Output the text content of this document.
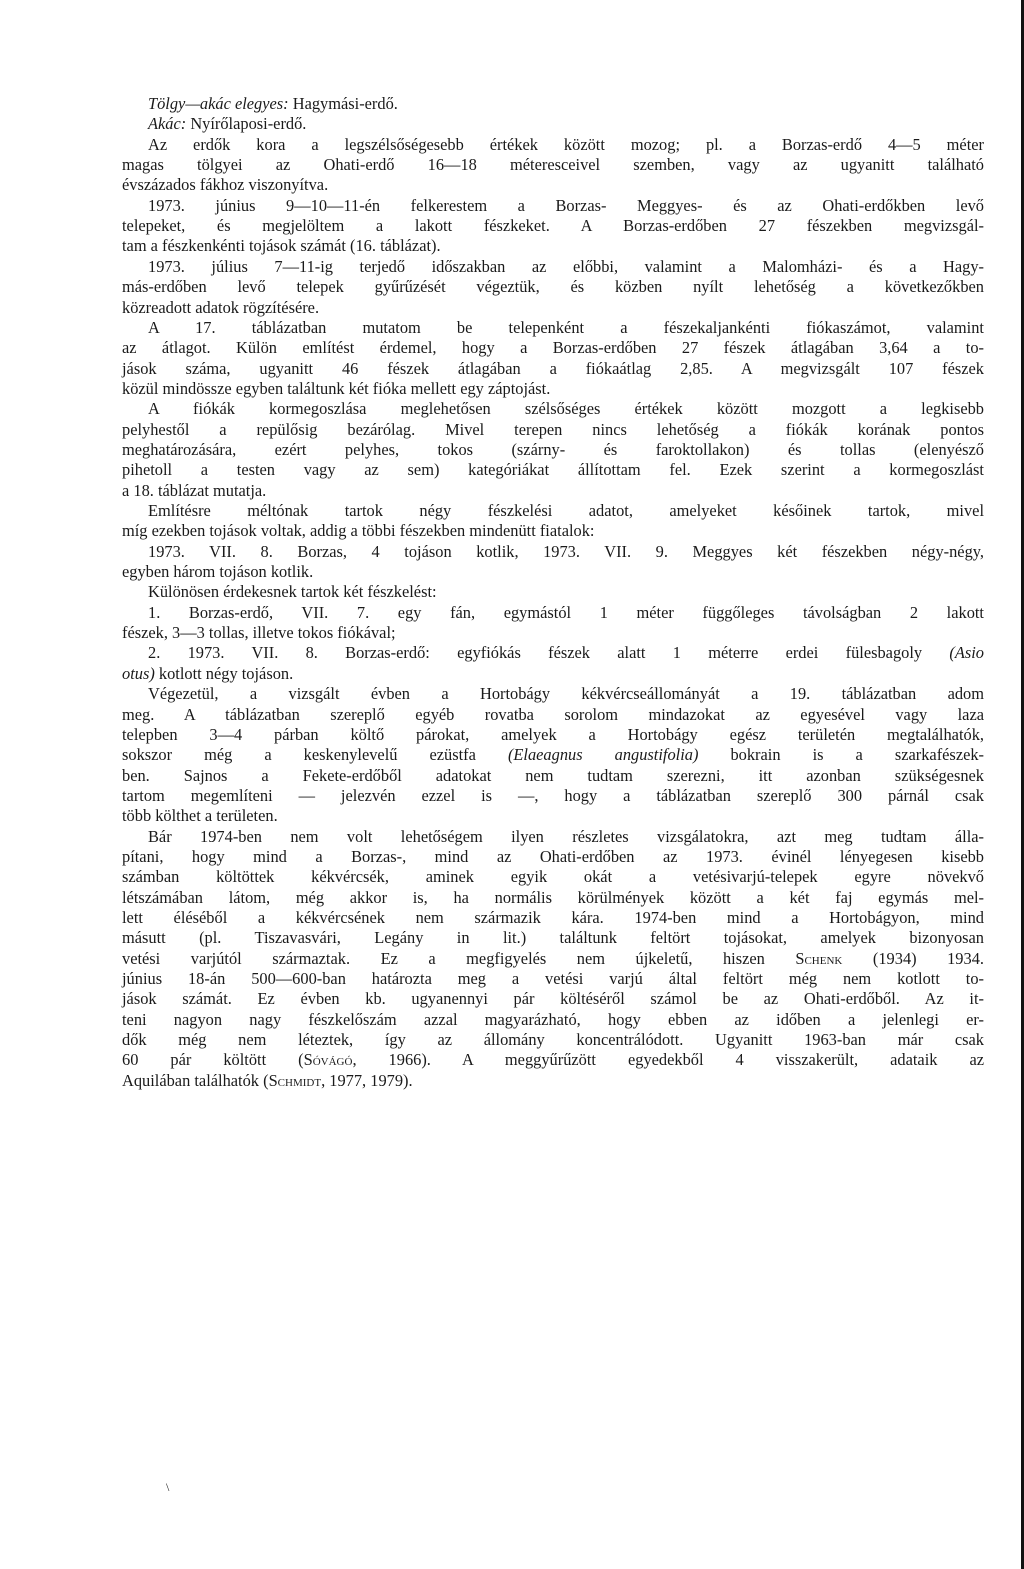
Tölgy—akác elegyes: Hagymási-erdő.
Akác: Nyírőlaposi-erdő.
Az erdők kora a legszélsőségesebb értékek között mozog; pl. a Borzas-erdő 4—5 méter
magas tölgyei az Ohati-erdő 16—18 méteresceivel szemben, vagy az ugyanitt található
évszázados fákhoz viszonyítva.
1973. június 9—10—11-én felkerestem a Borzas- Meggyes- és az Ohati-erdőkben levő
telepeket, és megjelöltem a lakott fészkeket. A Borzas-erdőben 27 fészekben megvizsgál-
tam a fészkenkénti tojások számát (16. táblázat).
1973. július 7—11-ig terjedő időszakban az előbbi, valamint a Malomházi- és a Hagy-
más-erdőben levő telepek gyűrűzését végeztük, és közben nyílt lehetőség a következőkben
közreadott adatok rögzítésére.
A 17. táblázatban mutatom be telepenként a fészekaljankénti fiókaszámot, valamint
az átlagot. Külön említést érdemel, hogy a Borzas-erdőben 27 fészek átlagában 3,64 a to-
jások száma, ugyanitt 46 fészek átlagában a fiókaátlag 2,85. A megvizsgált 107 fészek
közül mindössze egyben találtunk két fióka mellett egy záptojást.
A fiókák kormegoszlása meglehetősen szélsőséges értékek között mozgott a legkisebb
pelyhestől a repülősig bezárólag. Mivel terepen nincs lehetőség a fiókák korának pontos
meghatározására, ezért pelyhes, tokos (szárny- és faroktollakon) és tollas (elenyésző
pihetoll a testen vagy az sem) kategóriákat állítottam fel. Ezek szerint a kormegoszlást
a 18. táblázat mutatja.
Említésre méltónak tartok négy fészkelési adatot, amelyeket későinek tartok, mivel
míg ezekben tojások voltak, addig a többi fészekben mindenütt fiatalok:
1973. VII. 8. Borzas, 4 tojáson kotlik, 1973. VII. 9. Meggyes két fészekben négy-négy,
egyben három tojáson kotlik.
Különösen érdekesnek tartok két fészkelést:
1. Borzas-erdő, VII. 7. egy fán, egymástól 1 méter függőleges távolságban 2 lakott
fészek, 3—3 tollas, illetve tokos fiókával;
2. 1973. VII. 8. Borzas-erdő: egyfiókás fészek alatt 1 méterre erdei fülesbagoly (Asio
otus) kotlott négy tojáson.
Végezetül, a vizsgált évben a Hortobágy kékvércseállományát a 19. táblázatban adom
meg. A táblázatban szereplő egyéb rovatba sorolom mindazokat az egyesével vagy laza
telepben 3—4 párban költő párokat, amelyek a Hortobágy egész területén megtalálhatók,
sokszor még a keskenylevelű ezüstfa (Elaeagnus angustifolia) bokrain is a szarkafészek-
ben. Sajnos a Fekete-erdőből adatokat nem tudtam szerezni, itt azonban szükségesnek
tartom megemlíteni — jelezvén ezzel is —, hogy a táblázatban szereplő 300 párnál csak
több költhet a területen.
Bár 1974-ben nem volt lehetőségem ilyen részletes vizsgálatokra, azt meg tudtam álla-
pítani, hogy mind a Borzas-, mind az Ohati-erdőben az 1973. évinél lényegesen kisebb
számban költöttek kékvércsék, aminek egyik okát a vetésivarjú-telepek egyre növekvő
létszámában látom, még akkor is, ha normális körülmények között a két faj egymás mel-
lett éléséből a kékvércsének nem származik kára. 1974-ben mind a Hortobágyon, mind
másutt (pl. Tiszavasvári, Legány in lit.) találtunk feltört tojásokat, amelyek bizonyosan
vetési varjútól származtak. Ez a megfigyelés nem újkeletű, hiszen Schenk (1934) 1934.
június 18-án 500—600-ban határozta meg a vetési varjú által feltört még nem kotlott to-
jások számát. Ez évben kb. ugyanennyi pár költéséről számol be az Ohati-erdőből. Az it-
teni nagyon nagy fészkelőszám azzal magyarázható, hogy ebben az időben a jelenlegi er-
dők még nem léteztek, így az állomány koncentrálódott. Ugyanitt 1963-ban már csak
60 pár költött (Sóvágó, 1966). A meggyűrűzött egyedekből 4 visszakerült, adataik az
Aquilában találhatók (Schmidt, 1977, 1979).
\
